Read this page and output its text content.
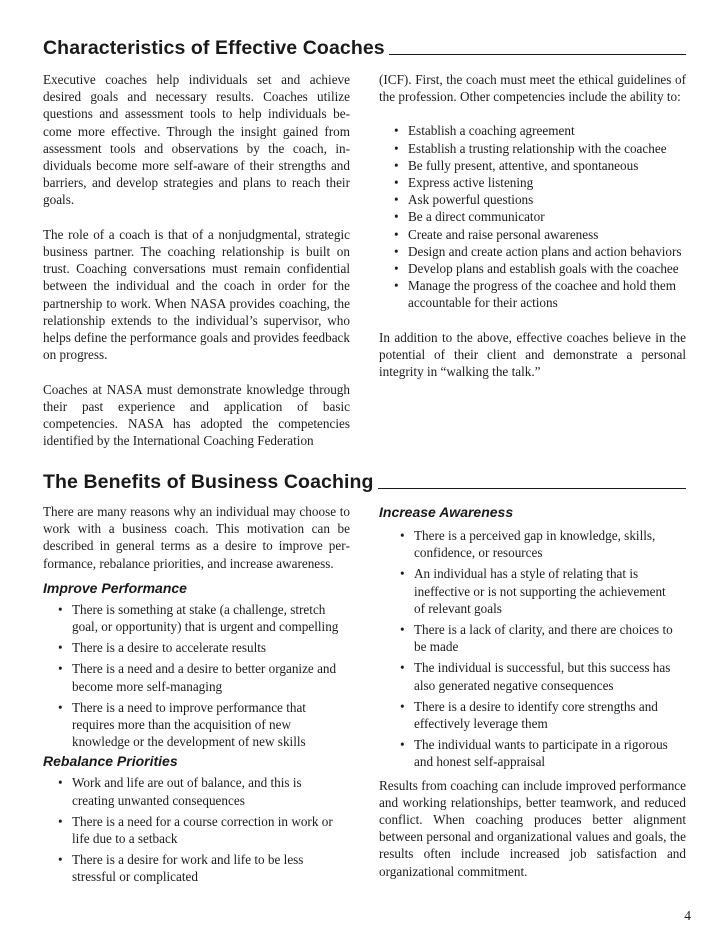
Characteristics of Effective Coaches

Executive coaches help individuals set and achieve desired goals and necessary results. Coaches utilize questions and assessment tools to help individuals become more effective. Through the insight gained from assessment tools and observations by the coach, individuals become more self-aware of their strengths and barriers, and develop strategies and plans to reach their goals.

The role of a coach is that of a nonjudgmental, strategic business partner. The coaching relationship is built on trust. Coaching conversations must remain confidential between the individual and the coach in order for the partnership to work. When NASA provides coaching, the relationship extends to the individual’s supervisor, who helps define the performance goals and provides feedback on progress.

Coaches at NASA must demonstrate knowledge through their past experience and application of basic competencies. NASA has adopted the competencies identified by the International Coaching Federation

(ICF). First, the coach must meet the ethical guidelines of the profession. Other competencies include the ability to:

• Establish a coaching agreement
• Establish a trusting relationship with the coachee
• Be fully present, attentive, and spontaneous
• Express active listening
• Ask powerful questions
• Be a direct communicator
• Create and raise personal awareness
• Design and create action plans and action behaviors
• Develop plans and establish goals with the coachee
• Manage the progress of the coachee and hold them accountable for their actions

In addition to the above, effective coaches believe in the potential of their client and demonstrate a personal integrity in “walking the talk.”

The Benefits of Business Coaching

There are many reasons why an individual may choose to work with a business coach. This motivation can be described in general terms as a desire to improve performance, rebalance priorities, and increase awareness.

Improve Performance
• There is something at stake (a challenge, stretch goal, or opportunity) that is urgent and compelling
• There is a desire to accelerate results
• There is a need and a desire to better organize and become more self-managing
• There is a need to improve performance that requires more than the acquisition of new knowledge or the development of new skills
Rebalance Priorities
• Work and life are out of balance, and this is creating unwanted consequences
• There is a need for a course correction in work or life due to a setback
• There is a desire for work and life to be less stressful or complicated
Increase Awareness
• There is a perceived gap in knowledge, skills, confidence, or resources
• An individual has a style of relating that is ineffective or is not supporting the achievement of relevant goals
• There is a lack of clarity, and there are choices to be made
• The individual is successful, but this success has also generated negative consequences
• There is a desire to identify core strengths and effectively leverage them
• The individual wants to participate in a rigorous and honest self-appraisal

Results from coaching can include improved performance and working relationships, better teamwork, and reduced conflict. When coaching produces better alignment between personal and organizational values and goals, the results often include increased job satisfaction and organizational commitment.

4
